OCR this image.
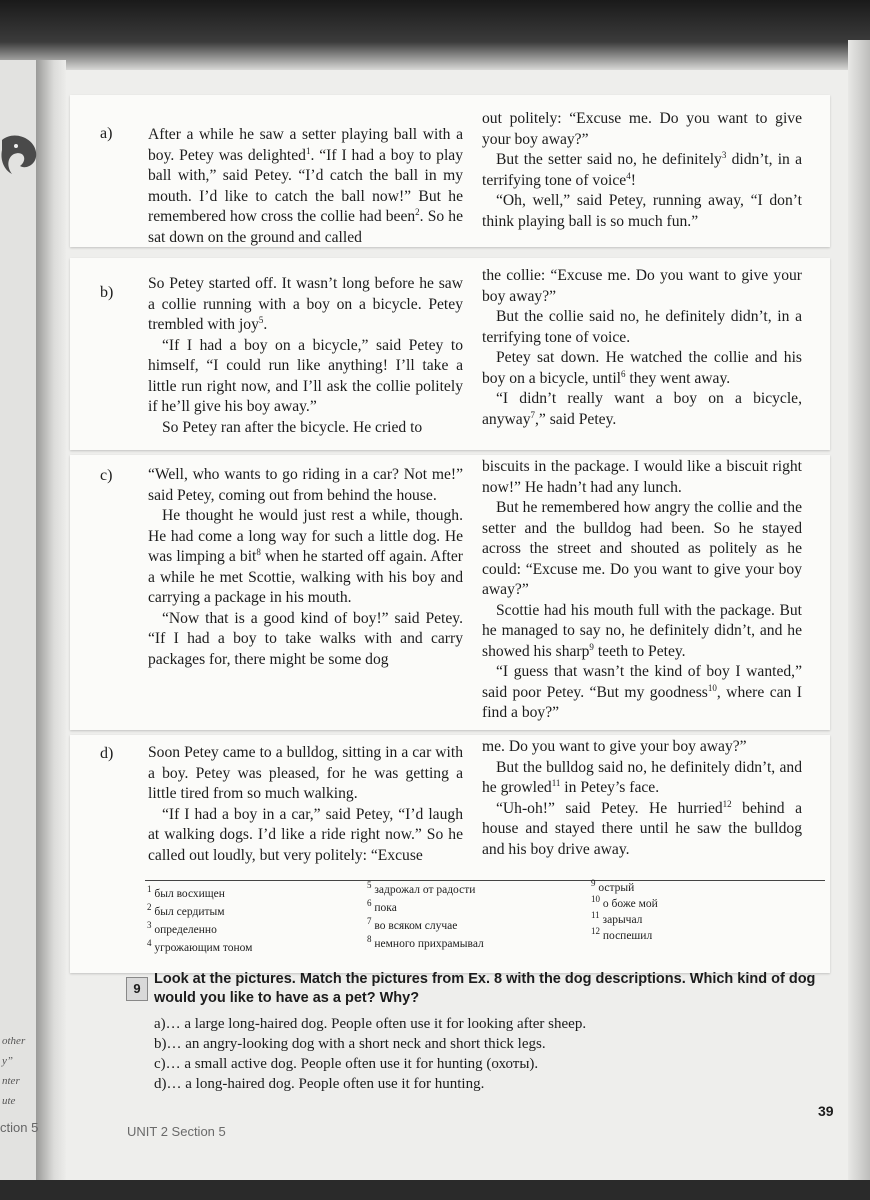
other
y”
nter
ute
ction 5
a) After a while he saw a setter playing ball with a boy. Petey was delighted$^1$. “If I had a boy to play ball with,” said Petey. “I’d catch the ball in my mouth. I’d like to catch the ball now!” But he remembered how cross the collie had been$^2$. So he sat down on the ground and called

out politely: “Excuse me. Do you want to give your boy away?”

But the setter said no, he definitely$^3$ didn’t, in a terrifying tone of voice$^4$!

“Oh, well,” said Petey, running away, “I don’t think playing ball is so much fun.”

b)

So Petey started off. It wasn’t long before he saw a collie running with a boy on a bicycle. Petey trembled with joy$^5$.

“If I had a boy on a bicycle,” said Petey to himself, “I could run like anything! I’ll take a little run right now, and I’ll ask the collie politely if he’ll give his boy away.”

So Petey ran after the bicycle. He cried to

the collie: “Excuse me. Do you want to give your boy away?”

But the collie said no, he definitely didn’t, in a terrifying tone of voice.

Petey sat down. He watched the collie and his boy on a bicycle, until$^6$ they went away.

“I didn’t really want a boy on a bicycle, anyway$^7$,” said Petey.

c) “Well, who wants to go riding in a car? Not me!” said Petey, coming out from behind the house.

He thought he would just rest a while, though. He had come a long way for such a little dog. He was limping a bit$^8$ when he started off again. After a while he met Scottie, walking with his boy and carrying a package in his mouth.

“Now that is a good kind of boy!” said Petey. “If I had a boy to take walks with and carry packages for, there might be some dog

biscuits in the package. I would like a biscuit right now!” He hadn’t had any lunch.

But he remembered how angry the collie and the setter and the bulldog had been. So he stayed across the street and shouted as politely as he could: “Excuse me. Do you want to give your boy away?”

Scottie had his mouth full with the package. But he managed to say no, he definitely didn’t, and he showed his sharp$^9$ teeth to Petey.

“I guess that wasn’t the kind of boy I wanted,” said poor Petey. “But my goodness$^{10}$, where can I find a boy?”

d) Soon Petey came to a bulldog, sitting in a car with a boy. Petey was pleased, for he was getting a little tired from so much walking.

“If I had a boy in a car,” said Petey, “I’d laugh at walking dogs. I’d like a ride right now.” So he called out loudly, but very politely: “Excuse

me. Do you want to give your boy away?”

But the bulldog said no, he definitely didn’t, and he growled$^{11}$ in Petey’s face.

“Uh-oh!” said Petey. He hurried$^{12}$ behind a house and stayed there until he saw the bulldog and his boy drive away.

$^1$ был восхищен
$^2$ был сердитым
$^3$ определенно
$^4$ угрожающим тоном
$^5$ задрожал от радости
$^6$ пока
$^7$ во всяком случае
$^8$ немного прихрамывал
$^9$ острый
$^{10}$ о боже мой
$^{11}$ зарычал
$^{12}$ поспешил
9
Look at the pictures. Match the pictures from Ex. 8 with the dog descriptions. Which kind of dog would you like to have as a pet? Why?
a)… a large long-haired dog. People often use it for looking after sheep.
b)… an angry-looking dog with a short neck and short thick legs.
c)… a small active dog. People often use it for hunting (охоты).
d)… a long-haired dog. People often use it for hunting.
39
UNIT 2 Section 5
